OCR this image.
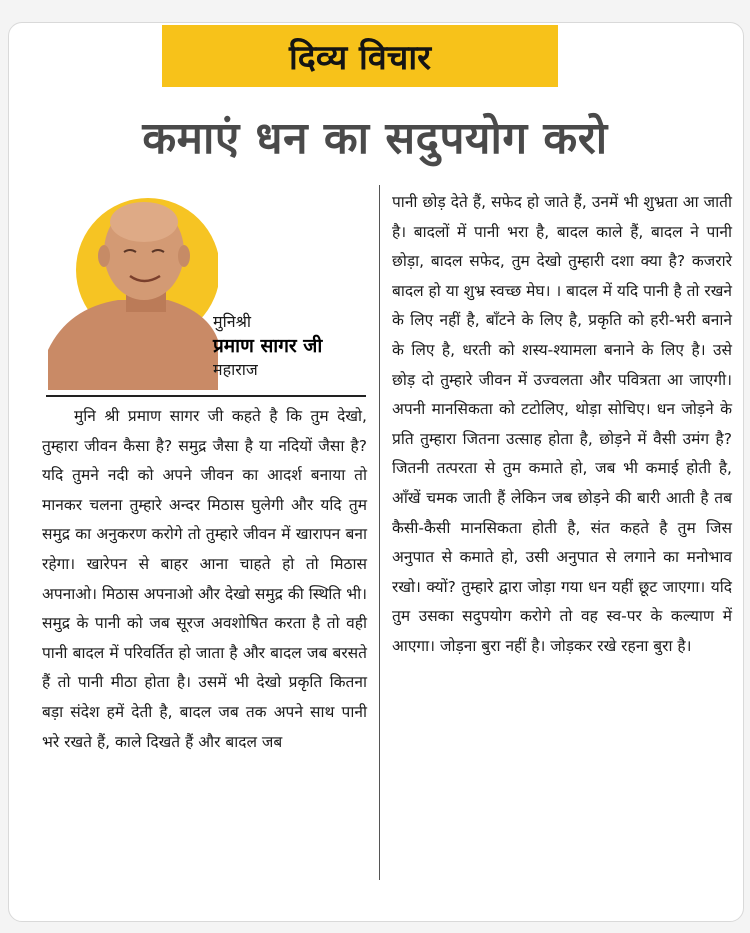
दिव्य विचार
कमाएं धन का सदुपयोग करो
मुनिश्री
प्रमाण सागर जी
महाराज
मुनि श्री प्रमाण सागर जी कहते है कि तुम देखो, तुम्हारा जीवन कैसा है? समुद्र जैसा है या नदियों जैसा है? यदि तुमने नदी को अपने जीवन का आदर्श बनाया तो मानकर चलना तुम्हारे अन्दर मिठास घुलेगी और यदि तुम समुद्र का अनुकरण करोगे तो तुम्हारे जीवन में खारापन बना रहेगा। खारेपन से बाहर आना चाहते हो तो मिठास अपनाओ। मिठास अपनाओ और देखो समुद्र की स्थिति भी। समुद्र के पानी को जब सूरज अवशोषित करता है तो वही पानी बादल में परिवर्तित हो जाता है और बादल जब बरसते हैं तो पानी मीठा होता है। उसमें भी देखो प्रकृति कितना बड़ा संदेश हमें देती है, बादल जब तक अपने साथ पानी भरे रखते हैं, काले दिखते हैं और बादल जब
पानी छोड़ देते हैं, सफेद हो जाते हैं, उनमें भी शुभ्रता आ जाती है। बादलों में पानी भरा है, बादल काले हैं, बादल ने पानी छोड़ा, बादल सफेद, तुम देखो तुम्हारी दशा क्या है? कजरारे बादल हो या शुभ्र स्वच्छ मेघ। । बादल में यदि पानी है तो रखने के लिए नहीं है, बाँटने के लिए है, प्रकृति को हरी-भरी बनाने के लिए है, धरती को शस्य-श्यामला बनाने के लिए है। उसे छोड़ दो तुम्हारे जीवन में उज्वलता और पवित्रता आ जाएगी। अपनी मानसिकता को टटोलिए, थोड़ा सोचिए। धन जोड़ने के प्रति तुम्हारा जितना उत्साह होता है, छोड़ने में वैसी उमंग है? जितनी तत्परता से तुम कमाते हो, जब भी कमाई होती है, आँखें चमक जाती हैं लेकिन जब छोड़ने की बारी आती है तब कैसी-कैसी मानसिकता होती है, संत कहते है तुम जिस अनुपात से कमाते हो, उसी अनुपात से लगाने का मनोभाव रखो। क्यों? तुम्हारे द्वारा जोड़ा गया धन यहीं छूट जाएगा। यदि तुम उसका सदुपयोग करोगे तो वह स्व-पर के कल्याण में आएगा। जोड़ना बुरा नहीं है। जोड़कर रखे रहना बुरा है।
